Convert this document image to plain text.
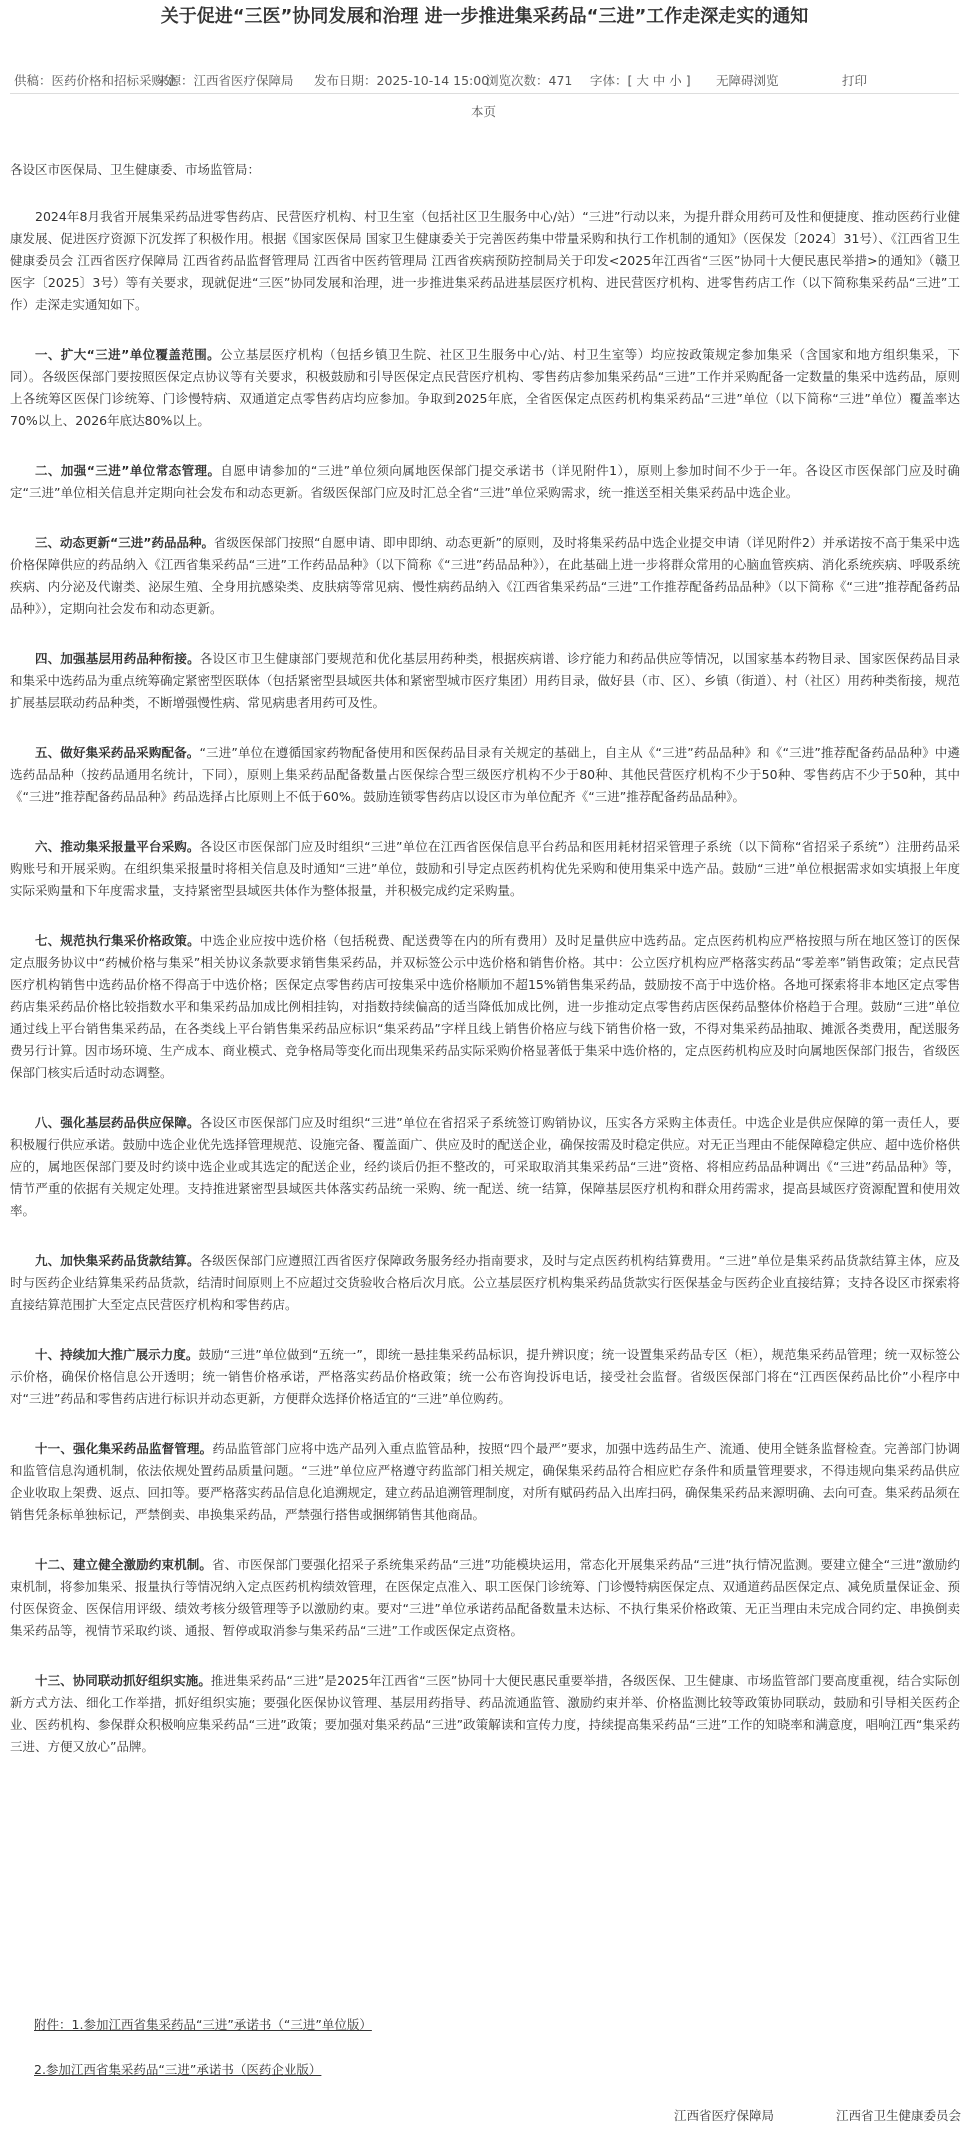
关于促进“三医”协同发展和治理 进一步推进集采药品“三进”工作走深走实的通知
供稿：医药价格和招标采购处
来源：江西省医疗保障局 发布日期：2025-10-14 15:00
浏览次数：471 字体：[ 大 中 小 ] 无障碍浏览	打印
本页
各设区市医保局、卫生健康委、市场监管局：

2024年8月我省开展集采药品进零售药店、民营医疗机构、村卫生室（包括社区卫生服务中心/站）“三进”行动以来，为提升群众用药可及性和便捷度、推动医药行业健康发展、促进医疗资源下沉发挥了积极作用。根据《国家医保局 国家卫生健康委关于完善医药集中带量采购和执行工作机制的通知》（医保发〔2024〕31号）、《江西省卫生健康委员会 江西省医疗保障局 江西省药品监督管理局 江西省中医药管理局 江西省疾病预防控制局关于印发<2025年江西省“三医”协同十大便民惠民举措>的通知》（赣卫医字〔2025〕3号）等有关要求，现就促进“三医”协同发展和治理，进一步推进集采药品进基层医疗机构、进民营医疗机构、进零售药店工作（以下简称集采药品“三进”工作）走深走实通知如下。

一、扩大“三进”单位覆盖范围。公立基层医疗机构（包括乡镇卫生院、社区卫生服务中心/站、村卫生室等）均应按政策规定参加集采（含国家和地方组织集采，下同）。各级医保部门要按照医保定点协议等有关要求，积极鼓励和引导医保定点民营医疗机构、零售药店参加集采药品“三进”工作并采购配备一定数量的集采中选药品，原则上各统筹区医保门诊统筹、门诊慢特病、双通道定点零售药店均应参加。争取到2025年底，全省医保定点医药机构集采药品“三进”单位（以下简称“三进”单位）覆盖率达70%以上、2026年底达80%以上。

二、加强“三进”单位常态管理。自愿申请参加的“三进”单位须向属地医保部门提交承诺书（详见附件1），原则上参加时间不少于一年。各设区市医保部门应及时确定“三进”单位相关信息并定期向社会发布和动态更新。省级医保部门应及时汇总全省“三进”单位采购需求，统一推送至相关集采药品中选企业。

三、动态更新“三进”药品品种。省级医保部门按照“自愿申请、即申即纳、动态更新”的原则，及时将集采药品中选企业提交申请（详见附件2）并承诺按不高于集采中选价格保障供应的药品纳入《江西省集采药品“三进”工作药品品种》（以下简称《“三进”药品品种》），在此基础上进一步将群众常用的心脑血管疾病、消化系统疾病、呼吸系统疾病、内分泌及代谢类、泌尿生殖、全身用抗感染类、皮肤病等常见病、慢性病药品纳入《江西省集采药品“三进”工作推荐配备药品品种》（以下简称《“三进”推荐配备药品品种》），定期向社会发布和动态更新。

四、加强基层用药品种衔接。各设区市卫生健康部门要规范和优化基层用药种类，根据疾病谱、诊疗能力和药品供应等情况，以国家基本药物目录、国家医保药品目录和集采中选药品为重点统筹确定紧密型医联体（包括紧密型县域医共体和紧密型城市医疗集团）用药目录，做好县（市、区）、乡镇（街道）、村（社区）用药种类衔接，规范扩展基层联动药品种类，不断增强慢性病、常见病患者用药可及性。

五、做好集采药品采购配备。“三进”单位在遵循国家药物配备使用和医保药品目录有关规定的基础上，自主从《“三进”药品品种》和《“三进”推荐配备药品品种》中遴选药品品种（按药品通用名统计，下同），原则上集采药品配备数量占医保综合型三级医疗机构不少于80种、其他民营医疗机构不少于50种、零售药店不少于50种，其中《“三进”推荐配备药品品种》药品选择占比原则上不低于60%。鼓励连锁零售药店以设区市为单位配齐《“三进”推荐配备药品品种》。

六、推动集采报量平台采购。各设区市医保部门应及时组织“三进”单位在江西省医保信息平台药品和医用耗材招采管理子系统（以下简称“省招采子系统”）注册药品采购账号和开展采购。在组织集采报量时将相关信息及时通知“三进”单位，鼓励和引导定点医药机构优先采购和使用集采中选产品。鼓励“三进”单位根据需求如实填报上年度实际采购量和下年度需求量，支持紧密型县域医共体作为整体报量，并积极完成约定采购量。

七、规范执行集采价格政策。中选企业应按中选价格（包括税费、配送费等在内的所有费用）及时足量供应中选药品。定点医药机构应严格按照与所在地区签订的医保定点服务协议中“药械价格与集采”相关协议条款要求销售集采药品，并双标签公示中选价格和销售价格。其中：公立医疗机构应严格落实药品“零差率”销售政策；定点民营医疗机构销售中选药品价格不得高于中选价格；医保定点零售药店可按集采中选价格顺加不超15%销售集采药品，鼓励按不高于中选价格。各地可探索将非本地区定点零售药店集采药品价格比较指数水平和集采药品加成比例相挂钩，对指数持续偏高的适当降低加成比例，进一步推动定点零售药店医保药品整体价格趋于合理。鼓励“三进”单位通过线上平台销售集采药品，在各类线上平台销售集采药品应标识“集采药品”字样且线上销售价格应与线下销售价格一致，不得对集采药品抽取、摊派各类费用，配送服务费另行计算。因市场环境、生产成本、商业模式、竞争格局等变化而出现集采药品实际采购价格显著低于集采中选价格的，定点医药机构应及时向属地医保部门报告，省级医保部门核实后适时动态调整。

八、强化基层药品供应保障。各设区市医保部门应及时组织“三进”单位在省招采子系统签订购销协议，压实各方采购主体责任。中选企业是供应保障的第一责任人，要积极履行供应承诺。鼓励中选企业优先选择管理规范、设施完备、覆盖面广、供应及时的配送企业，确保按需及时稳定供应。对无正当理由不能保障稳定供应、超中选价格供应的，属地医保部门要及时约谈中选企业或其选定的配送企业，经约谈后仍拒不整改的，可采取取消其集采药品“三进”资格、将相应药品品种调出《“三进”药品品种》等，情节严重的依据有关规定处理。支持推进紧密型县域医共体落实药品统一采购、统一配送、统一结算，保障基层医疗机构和群众用药需求，提高县域医疗资源配置和使用效率。

九、加快集采药品货款结算。各级医保部门应遵照江西省医疗保障政务服务经办指南要求，及时与定点医药机构结算费用。“三进”单位是集采药品货款结算主体，应及时与医药企业结算集采药品货款，结清时间原则上不应超过交货验收合格后次月底。公立基层医疗机构集采药品货款实行医保基金与医药企业直接结算；支持各设区市探索将直接结算范围扩大至定点民营医疗机构和零售药店。

十、持续加大推广展示力度。鼓励“三进”单位做到“五统一”，即统一悬挂集采药品标识，提升辨识度；统一设置集采药品专区（柜），规范集采药品管理；统一双标签公示价格，确保价格信息公开透明；统一销售价格承诺，严格落实药品价格政策；统一公布咨询投诉电话，接受社会监督。省级医保部门将在“江西医保药品比价”小程序中对“三进”药品和零售药店进行标识并动态更新，方便群众选择价格适宜的“三进”单位购药。

十一、强化集采药品监督管理。药品监管部门应将中选产品列入重点监管品种，按照“四个最严”要求，加强中选药品生产、流通、使用全链条监督检查。完善部门协调和监管信息沟通机制，依法依规处置药品质量问题。“三进”单位应严格遵守药监部门相关规定，确保集采药品符合相应贮存条件和质量管理要求，不得违规向集采药品供应企业收取上架费、返点、回扣等。要严格落实药品信息化追溯规定，建立药品追溯管理制度，对所有赋码药品入出库扫码，确保集采药品来源明确、去向可查。集采药品须在销售凭条标单独标记，严禁倒卖、串换集采药品，严禁强行搭售或捆绑销售其他商品。

十二、建立健全激励约束机制。省、市医保部门要强化招采子系统集采药品“三进”功能模块运用，常态化开展集采药品“三进”执行情况监测。要建立健全“三进”激励约束机制，将参加集采、报量执行等情况纳入定点医药机构绩效管理，在医保定点准入、职工医保门诊统筹、门诊慢特病医保定点、双通道药品医保定点、减免质量保证金、预付医保资金、医保信用评级、绩效考核分级管理等予以激励约束。要对“三进”单位承诺药品配备数量未达标、不执行集采价格政策、无正当理由未完成合同约定、串换倒卖集采药品等，视情节采取约谈、通报、暂停或取消参与集采药品“三进”工作或医保定点资格。

十三、协同联动抓好组织实施。推进集采药品“三进”是2025年江西省“三医”协同十大便民惠民重要举措，各级医保、卫生健康、市场监管部门要高度重视，结合实际创新方式方法、细化工作举措，抓好组织实施；要强化医保协议管理、基层用药指导、药品流通监管、激励约束并举、价格监测比较等政策协同联动，鼓励和引导相关医药企业、医药机构、参保群众积极响应集采药品“三进”政策；要加强对集采药品“三进”政策解读和宣传力度，持续提高集采药品“三进”工作的知晓率和满意度，唱响江西“集采药三进、方便又放心”品牌。

附件：1.参加江西省集采药品“三进”承诺书（“三进”单位版）
2.参加江西省集采药品“三进”承诺书（医药企业版）
江西省医疗保障局	江西省卫生健康委员会
